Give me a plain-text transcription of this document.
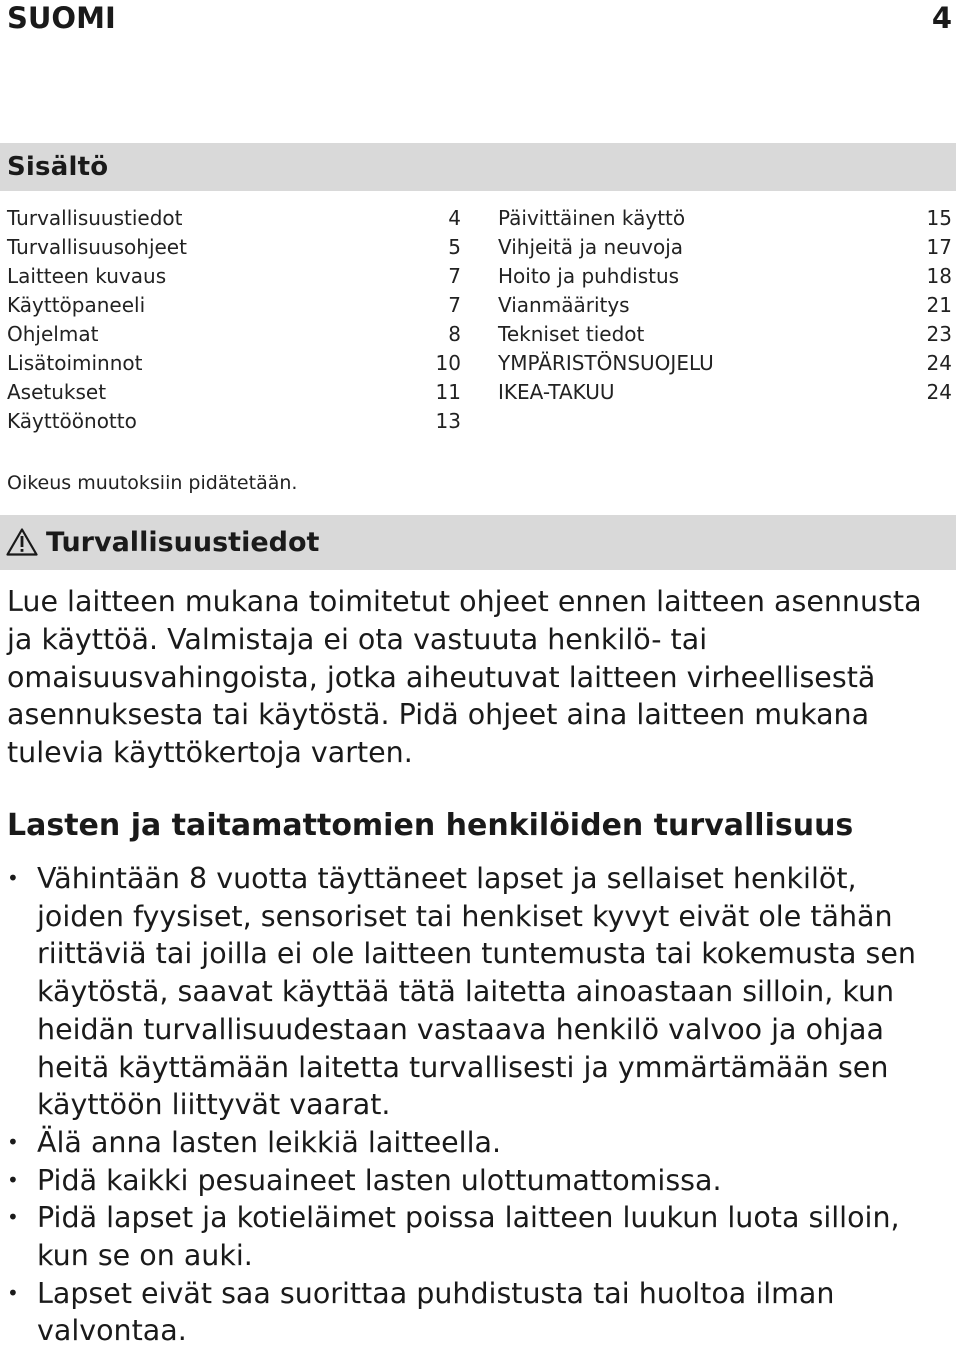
SUOMI	4
Sisältö
Turvallisuustiedot	4
Turvallisuusohjeet	5
Laitteen kuvaus	7
Käyttöpaneeli	7
Ohjelmat	8
Lisätoiminnot	10
Asetukset	11
Käyttöönotto	13
Päivittäinen käyttö	15
Vihjeitä ja neuvoja	17
Hoito ja puhdistus	18
Vianmääritys	21
Tekniset tiedot	23
YMPÄRISTÖNSUOJELU	24
IKEA-TAKUU	24
Oikeus muutoksiin pidätetään.
Turvallisuustiedot

Lue laitteen mukana toimitetut ohjeet ennen laitteen asennusta ja käyttöä. Valmistaja ei ota vastuuta henkilö- tai omaisuusvahingoista, jotka aiheutuvat laitteen virheellisestä asennuksesta tai käytöstä. Pidä ohjeet aina laitteen mukana tulevia käyttökertoja varten.

Lasten ja taitamattomien henkilöiden turvallisuus
• Vähintään 8 vuotta täyttäneet lapset ja sellaiset henkilöt, joiden fyysiset, sensoriset tai henkiset kyvyt eivät ole tähän riittäviä tai joilla ei ole laitteen tuntemusta tai kokemusta sen käytöstä, saavat käyttää tätä laitetta ainoastaan silloin, kun heidän turvallisuudestaan vastaava henkilö valvoo ja ohjaa heitä käyttämään laitetta turvallisesti ja ymmärtämään sen käyttöön liittyvät vaarat.
• Älä anna lasten leikkiä laitteella.
• Pidä kaikki pesuaineet lasten ulottumattomissa.
• Pidä lapset ja kotieläimet poissa laitteen luukun luota silloin, kun se on auki.
• Lapset eivät saa suorittaa puhdistusta tai huoltoa ilman valvontaa.
